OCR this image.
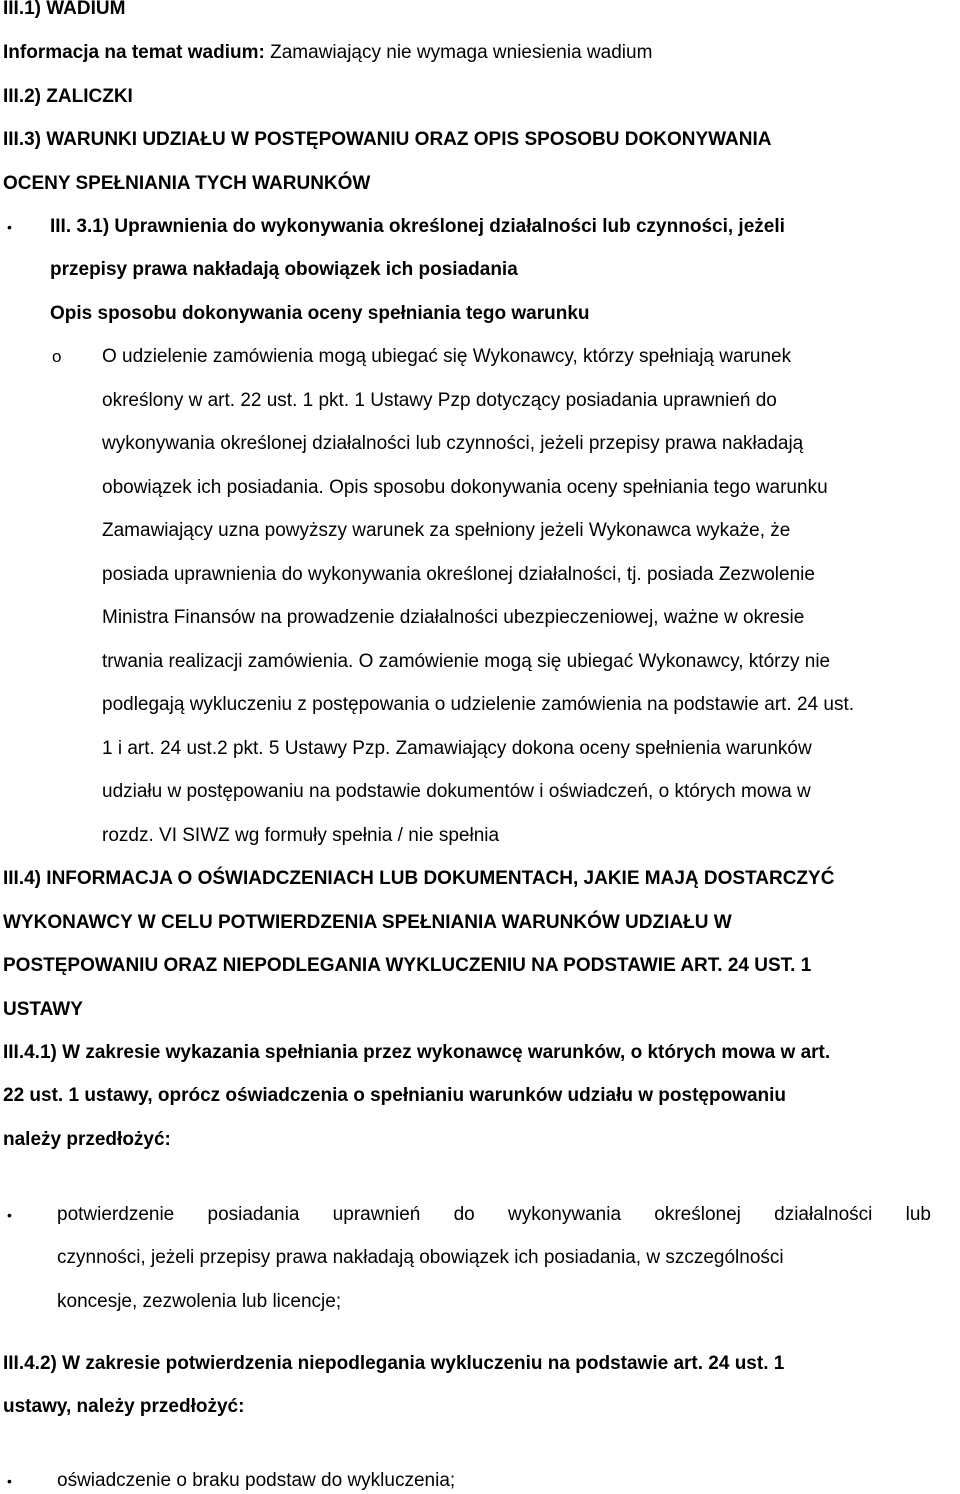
III.1) WADIUM
Informacja na temat wadium: Zamawiający nie wymaga wniesienia wadium
III.2) ZALICZKI
III.3) WARUNKI UDZIAŁU W POSTĘPOWANIU ORAZ OPIS SPOSOBU DOKONYWANIA
OCENY SPEŁNIANIA TYCH WARUNKÓW
• III. 3.1) Uprawnienia do wykonywania określonej działalności lub czynności, jeżeli
przepisy prawa nakładają obowiązek ich posiadania
Opis sposobu dokonywania oceny spełniania tego warunku
o O udzielenie zamówienia mogą ubiegać się Wykonawcy, którzy spełniają warunek
określony w art. 22 ust. 1 pkt. 1 Ustawy Pzp dotyczący posiadania uprawnień do
wykonywania określonej działalności lub czynności, jeżeli przepisy prawa nakładają
obowiązek ich posiadania. Opis sposobu dokonywania oceny spełniania tego warunku
Zamawiający uzna powyższy warunek za spełniony jeżeli Wykonawca wykaże, że
posiada uprawnienia do wykonywania określonej działalności, tj. posiada Zezwolenie
Ministra Finansów na prowadzenie działalności ubezpieczeniowej, ważne w okresie
trwania realizacji zamówienia. O zamówienie mogą się ubiegać Wykonawcy, którzy nie
podlegają wykluczeniu z postępowania o udzielenie zamówienia na podstawie art. 24 ust.
1 i art. 24 ust.2 pkt. 5 Ustawy Pzp. Zamawiający dokona oceny spełnienia warunków
udziału w postępowaniu na podstawie dokumentów i oświadczeń, o których mowa w
rozdz. VI SIWZ wg formuły spełnia / nie spełnia
III.4) INFORMACJA O OŚWIADCZENIACH LUB DOKUMENTACH, JAKIE MAJĄ DOSTARCZYĆ
WYKONAWCY W CELU POTWIERDZENIA SPEŁNIANIA WARUNKÓW UDZIAŁU W
POSTĘPOWANIU ORAZ NIEPODLEGANIA WYKLUCZENIU NA PODSTAWIE ART. 24 UST. 1
USTAWY
III.4.1) W zakresie wykazania spełniania przez wykonawcę warunków, o których mowa w art.
22 ust. 1 ustawy, oprócz oświadczenia o spełnianiu warunków udziału w postępowaniu
należy przedłożyć:
• potwierdzenie posiadania uprawnień do wykonywania określonej działalności lub
czynności, jeżeli przepisy prawa nakładają obowiązek ich posiadania, w szczególności
koncesje, zezwolenia lub licencje;
III.4.2) W zakresie potwierdzenia niepodlegania wykluczeniu na podstawie art. 24 ust. 1
ustawy, należy przedłożyć:
• oświadczenie o braku podstaw do wykluczenia;
